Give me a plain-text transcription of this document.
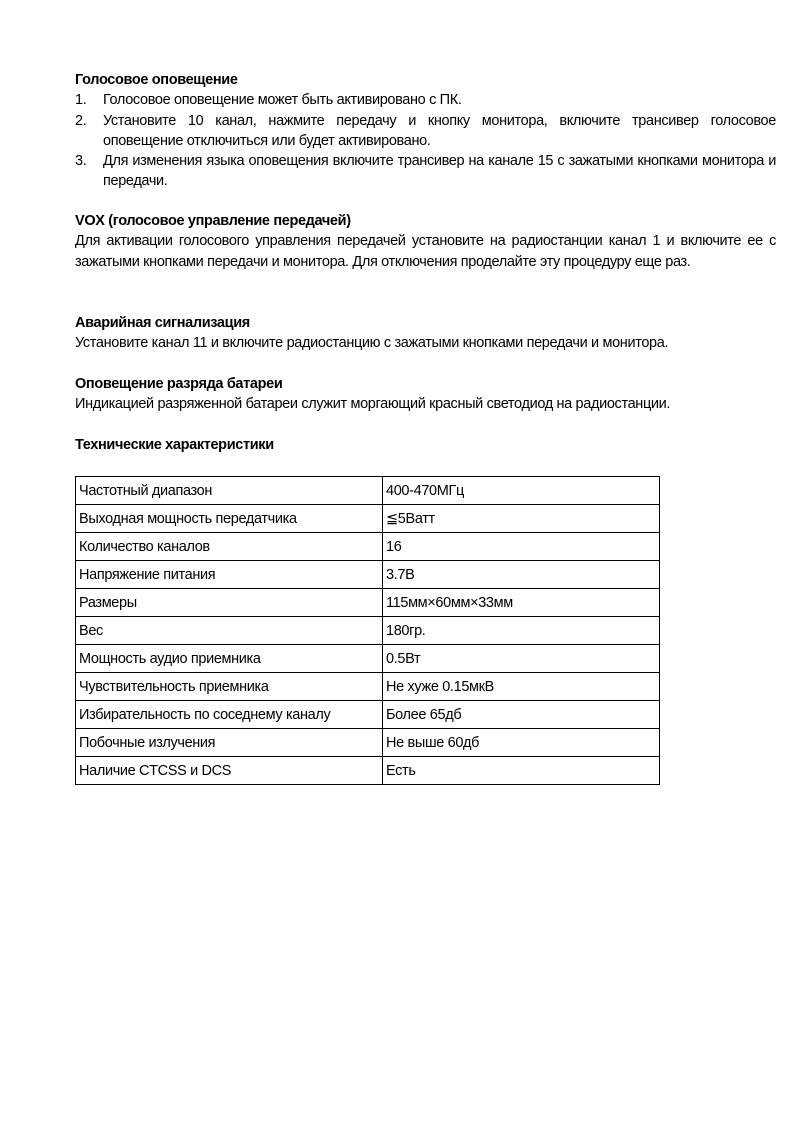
Голосовое оповещение
1. Голосовое оповещение может быть активировано с ПК.
2. Установите 10 канал, нажмите передачу и кнопку монитора, включите трансивер голосовое оповещение отключиться или будет активировано.
3. Для изменения языка оповещения включите трансивер на канале 15 с зажатыми кнопками монитора и передачи.
VOX (голосовое управление передачей)

Для активации голосового управления передачей установите на радиостанции канал 1 и включите ее с зажатыми кнопками передачи и монитора. Для отключения проделайте эту процедуру еще раз.

Аварийная сигнализация

Установите канал 11 и включите радиостанцию с зажатыми кнопками передачи и монитора.

Оповещение разряда батареи

Индикацией разряженной батареи служит моргающий красный светодиод на радиостанции.

Технические характеристики
Частотный диапазон	400-470МГц
Выходная мощность передатчика	≦5Ватт
Количество каналов	16
Напряжение питания	3.7В
Размеры	115мм×60мм×33мм
Вес	180гр.
Мощность аудио приемника	0.5Вт
Чувствительность приемника	Не хуже 0.15мкВ
Избирательность по соседнему каналу	Более 65дб
Побочные излучения	Не выше 60дб
Наличие CTCSS и DCS	Есть
